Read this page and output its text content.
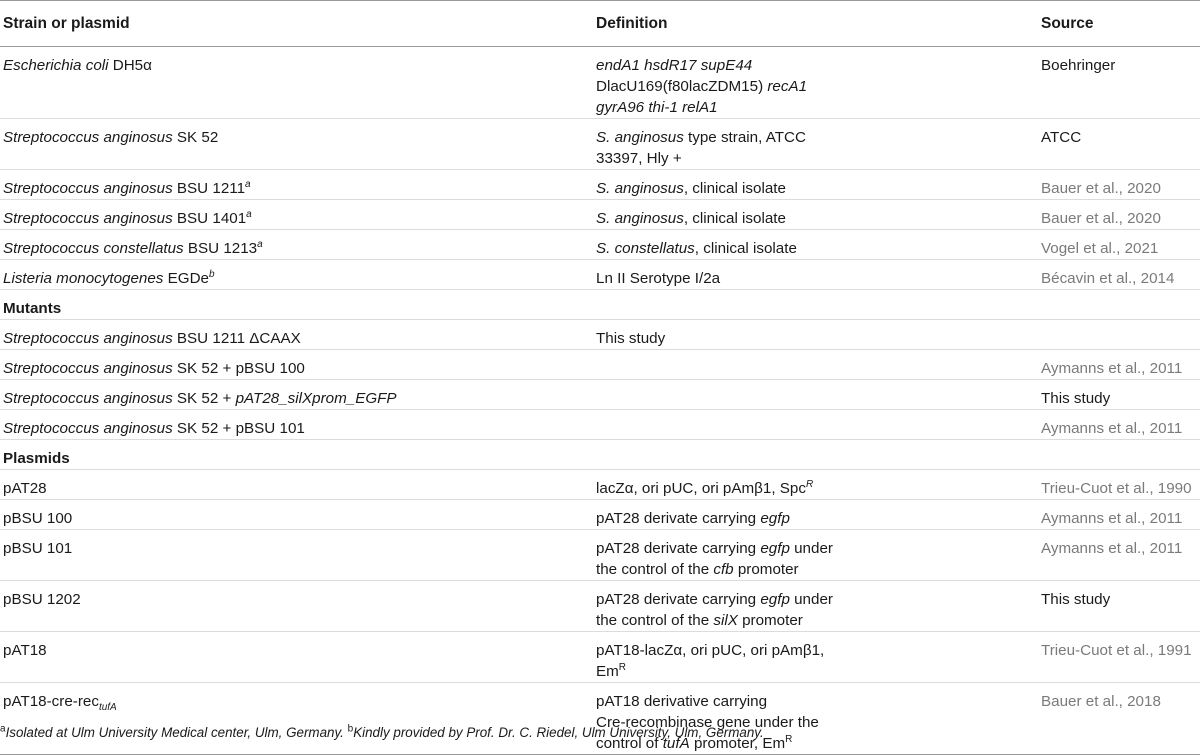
Strain or plasmid	Definition	Source
Escherichia coli DH5α	endA1 hsdR17 supE44
DlacU169(f80lacZDM15) recA1
gyrA96 thi-1 relA1	Boehringer
Streptococcus anginosus SK 52	S. anginosus type strain, ATCC
33397, Hly +	ATCC
Streptococcus anginosus BSU 1211$^a$	S. anginosus, clinical isolate	Bauer et al., 2020
Streptococcus anginosus BSU 1401$^a$	S. anginosus, clinical isolate	Bauer et al., 2020
Streptococcus constellatus BSU 1213$^a$	S. constellatus, clinical isolate	Vogel et al., 2021
Listeria monocytogenes EGDe$^b$	Ln II Serotype I/2a	Bécavin et al., 2014
Mutants		
Streptococcus anginosus BSU 1211 ΔCAAX	This study	

Streptococcus anginosus SK 52 + pBSU 100		Aymanns et al., 2011
Streptococcus anginosus SK 52 + pAT28_silXprom_EGFP		This study
Streptococcus anginosus SK 52 + pBSU 101		Aymanns et al., 2011
Plasmids		
pAT28	lacZα, ori pUC, ori pAmβ1, Spc$^R$	Trieu-Cuot et al., 1990
pBSU 100	pAT28 derivate carrying egfp	Aymanns et al., 2011
pBSU 101	pAT28 derivate carrying egfp under
the control of the cfb promoter	Aymanns et al., 2011
pBSU 1202	pAT28 derivate carrying egfp under
the control of the silX promoter	This study
pAT18	pAT18-lacZα, ori pUC, ori pAmβ1,
$Em^R$	Trieu-Cuot et al., 1991
pAT18-cre-rec$_{tufA}$	pAT18 derivative carrying
Cre-recombinase gene under the
control of tufA promoter, $Em^R$	Bauer et al., 2018
$^a$Isolated at Ulm University Medical center, Ulm, Germany. $^b$Kindly provided by Prof. Dr. C. Riedel, Ulm University, Ulm, Germany.
